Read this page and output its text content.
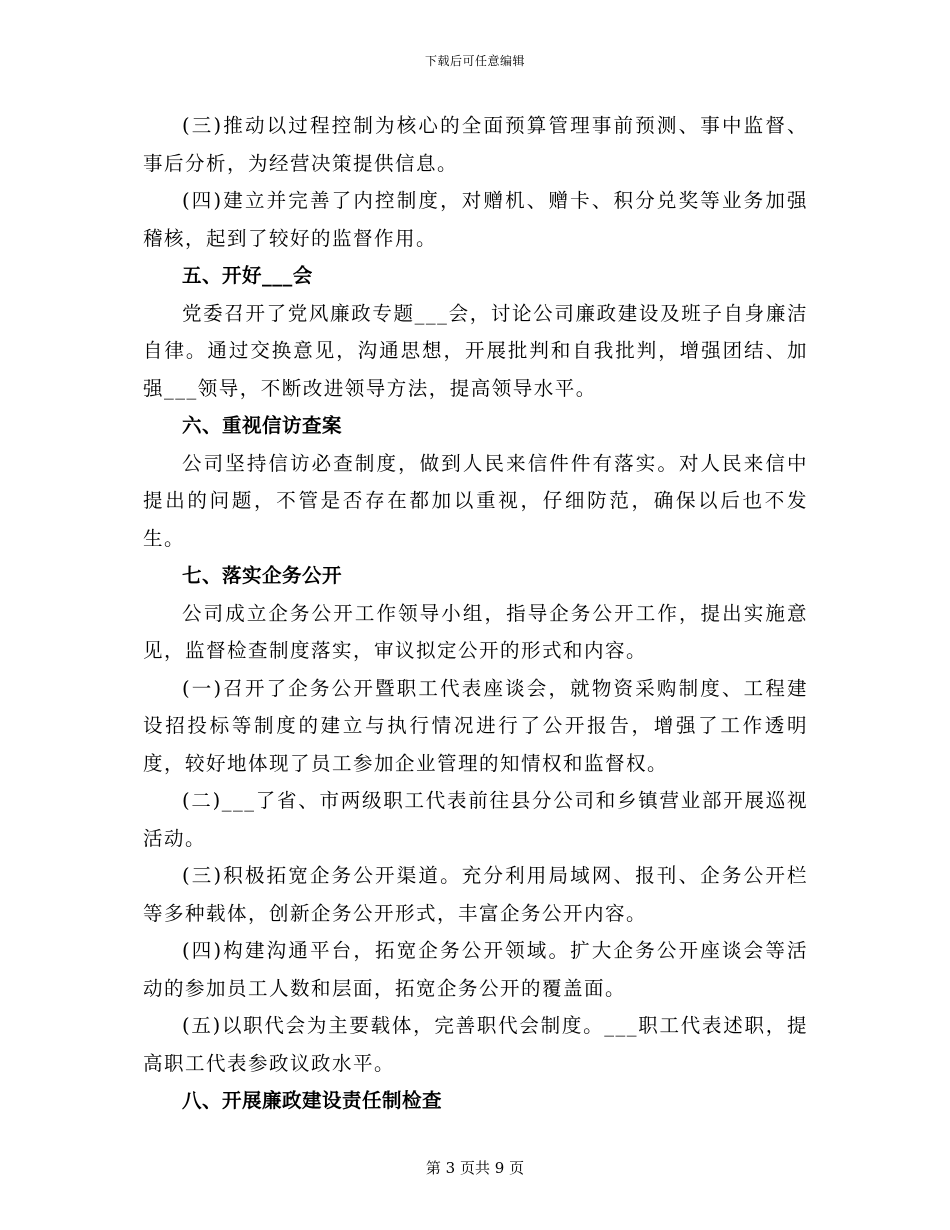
下载后可任意编辑

(三)推动以过程控制为核心的全面预算管理事前预测、事中监督、事后分析，为经营决策提供信息。

(四)建立并完善了内控制度，对赠机、赠卡、积分兑奖等业务加强稽核，起到了较好的监督作用。

五、开好___会

党委召开了党风廉政专题___会，讨论公司廉政建设及班子自身廉洁自律。通过交换意见，沟通思想，开展批判和自我批判，增强团结、加强___领导，不断改进领导方法，提高领导水平。

六、重视信访查案

公司坚持信访必查制度，做到人民来信件件有落实。对人民来信中提出的问题，不管是否存在都加以重视，仔细防范，确保以后也不发生。

七、落实企务公开

公司成立企务公开工作领导小组，指导企务公开工作，提出实施意见，监督检查制度落实，审议拟定公开的形式和内容。

(一)召开了企务公开暨职工代表座谈会，就物资采购制度、工程建设招投标等制度的建立与执行情况进行了公开报告，增强了工作透明度，较好地体现了员工参加企业管理的知情权和监督权。

(二)___了省、市两级职工代表前往县分公司和乡镇营业部开展巡视活动。

(三)积极拓宽企务公开渠道。充分利用局域网、报刊、企务公开栏等多种载体，创新企务公开形式，丰富企务公开内容。

(四)构建沟通平台，拓宽企务公开领域。扩大企务公开座谈会等活动的参加员工人数和层面，拓宽企务公开的覆盖面。

(五)以职代会为主要载体，完善职代会制度。___职工代表述职，提高职工代表参政议政水平。

八、开展廉政建设责任制检查

第 3 页共 9 页
